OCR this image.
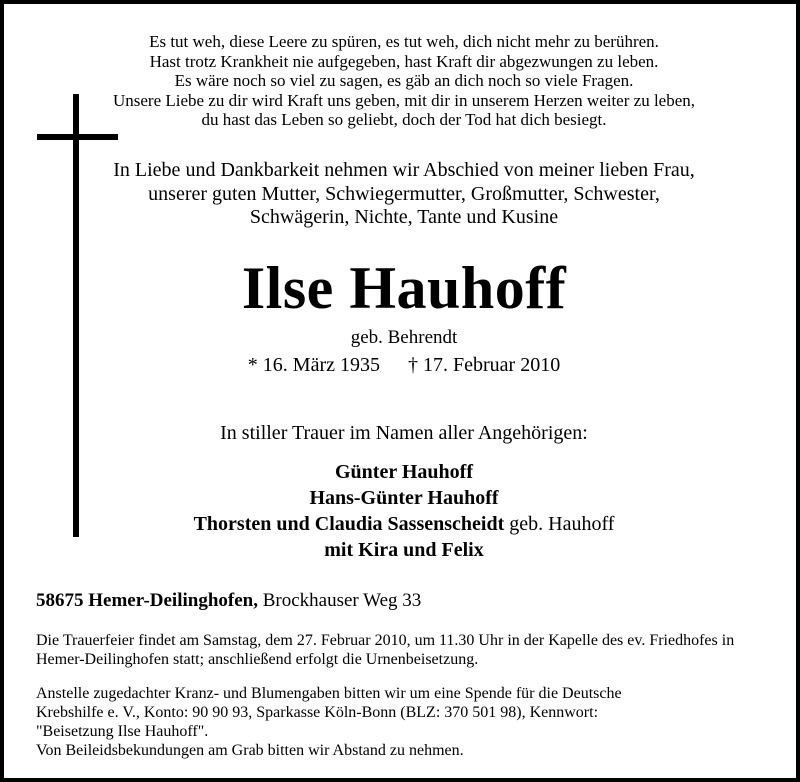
Es tut weh, diese Leere zu spüren, es tut weh, dich nicht mehr zu berühren.
Hast trotz Krankheit nie aufgegeben, hast Kraft dir abgezwungen zu leben.
Es wäre noch so viel zu sagen, es gäb an dich noch so viele Fragen.
Unsere Liebe zu dir wird Kraft uns geben, mit dir in unserem Herzen weiter zu leben,
du hast das Leben so geliebt, doch der Tod hat dich besiegt.
In Liebe und Dankbarkeit nehmen wir Abschied von meiner lieben Frau,
unserer guten Mutter, Schwiegermutter, Großmutter, Schwester,
Schwägerin, Nichte, Tante und Kusine
Ilse Hauhoff
geb. Behrendt
* 16. März 1935 † 17. Februar 2010
In stiller Trauer im Namen aller Angehörigen:
Günter Hauhoff
Hans-Günter Hauhoff
Thorsten und Claudia Sassenscheidt geb. Hauhoff
mit Kira und Felix
58675 Hemer-Deilinghofen, Brockhauser Weg 33
Die Trauerfeier findet am Samstag, dem 27. Februar 2010, um 11.30 Uhr in der Kapelle des ev. Friedhofes in Hemer-Deilinghofen statt; anschließend erfolgt die Urnenbeisetzung.
Anstelle zugedachter Kranz- und Blumengaben bitten wir um eine Spende für die Deutsche
Krebshilfe e. V., Konto: 90 90 93, Sparkasse Köln-Bonn (BLZ: 370 501 98), Kennwort:
"Beisetzung Ilse Hauhoff".
Von Beileidsbekundungen am Grab bitten wir Abstand zu nehmen.
